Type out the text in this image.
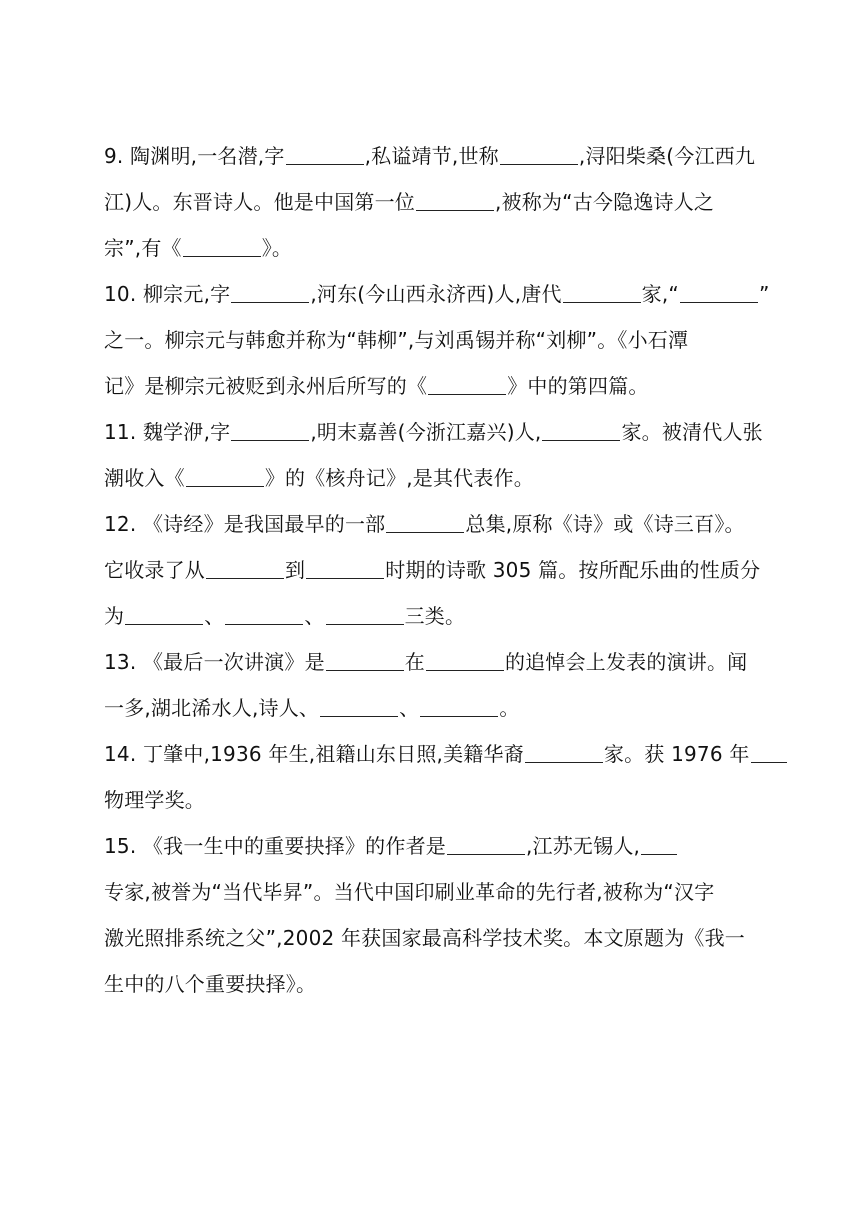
9. 陶渊明,一名潜,字	,私谥靖节,世称	,浔阳柴桑(今江西九
江)人。东晋诗人。他是中国第一位	,被称为“古今隐逸诗人之
宗”,有《	》。
10. 柳宗元,字	,河东(今山西永济西)人,唐代	家,“	”
之一。柳宗元与韩愈并称为“韩柳”,与刘禹锡并称“刘柳”。《小石潭
记》是柳宗元被贬到永州后所写的《	》中的第四篇。
11. 魏学洢,字	,明末嘉善(今浙江嘉兴)人,	家。被清代人张
潮收入《	》的《核舟记》,是其代表作。
12. 《诗经》是我国最早的一部	总集,原称《诗》或《诗三百》。
它收录了从	到	时期的诗歌 305 篇。按所配乐曲的性质分
为	、	、	三类。
13. 《最后一次讲演》是	在	的追悼会上发表的演讲。闻
一多,湖北浠水人,诗人、	、	。
14. 丁肇中,1936 年生,祖籍山东日照,美籍华裔	家。获 1976 年
物理学奖。
15. 《我一生中的重要抉择》的作者是	,江苏无锡人,
专家,被誉为“当代毕昇”。当代中国印刷业革命的先行者,被称为“汉字
激光照排系统之父”,2002 年获国家最高科学技术奖。本文原题为《我一
生中的八个重要抉择》。
